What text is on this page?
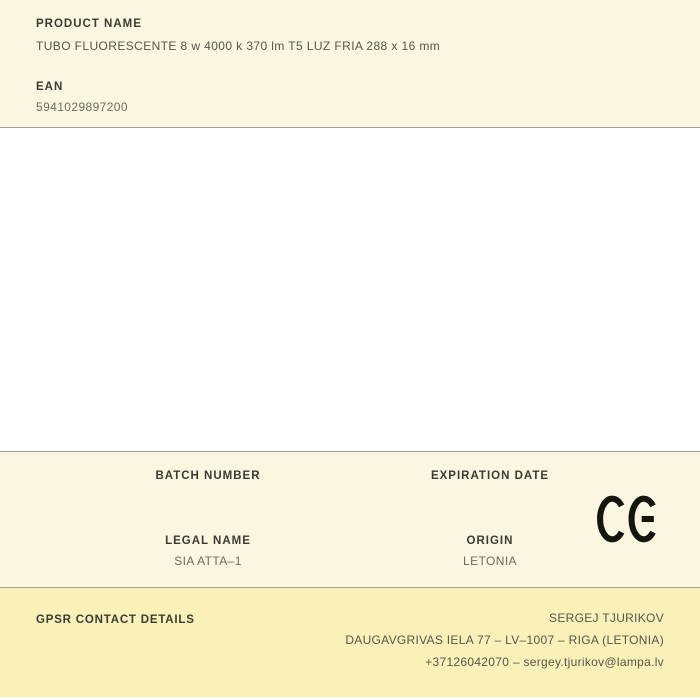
PRODUCT NAME
TUBO FLUORESCENTE 8 w 4000 k 370 lm T5 LUZ FRIA 288 x 16 mm
EAN
5941029897200
BATCH NUMBER	EXPIRATION DATE
LEGAL NAME
SIA ATTA–1
ORIGIN
LETONIA
GPSR CONTACT DETAILS	SERGEJ TJURIKOV
DAUGAVGRIVAS IELA 77 – LV–1007 – RIGA (LETONIA)
+37126042070 – sergey.tjurikov@lampa.lv
